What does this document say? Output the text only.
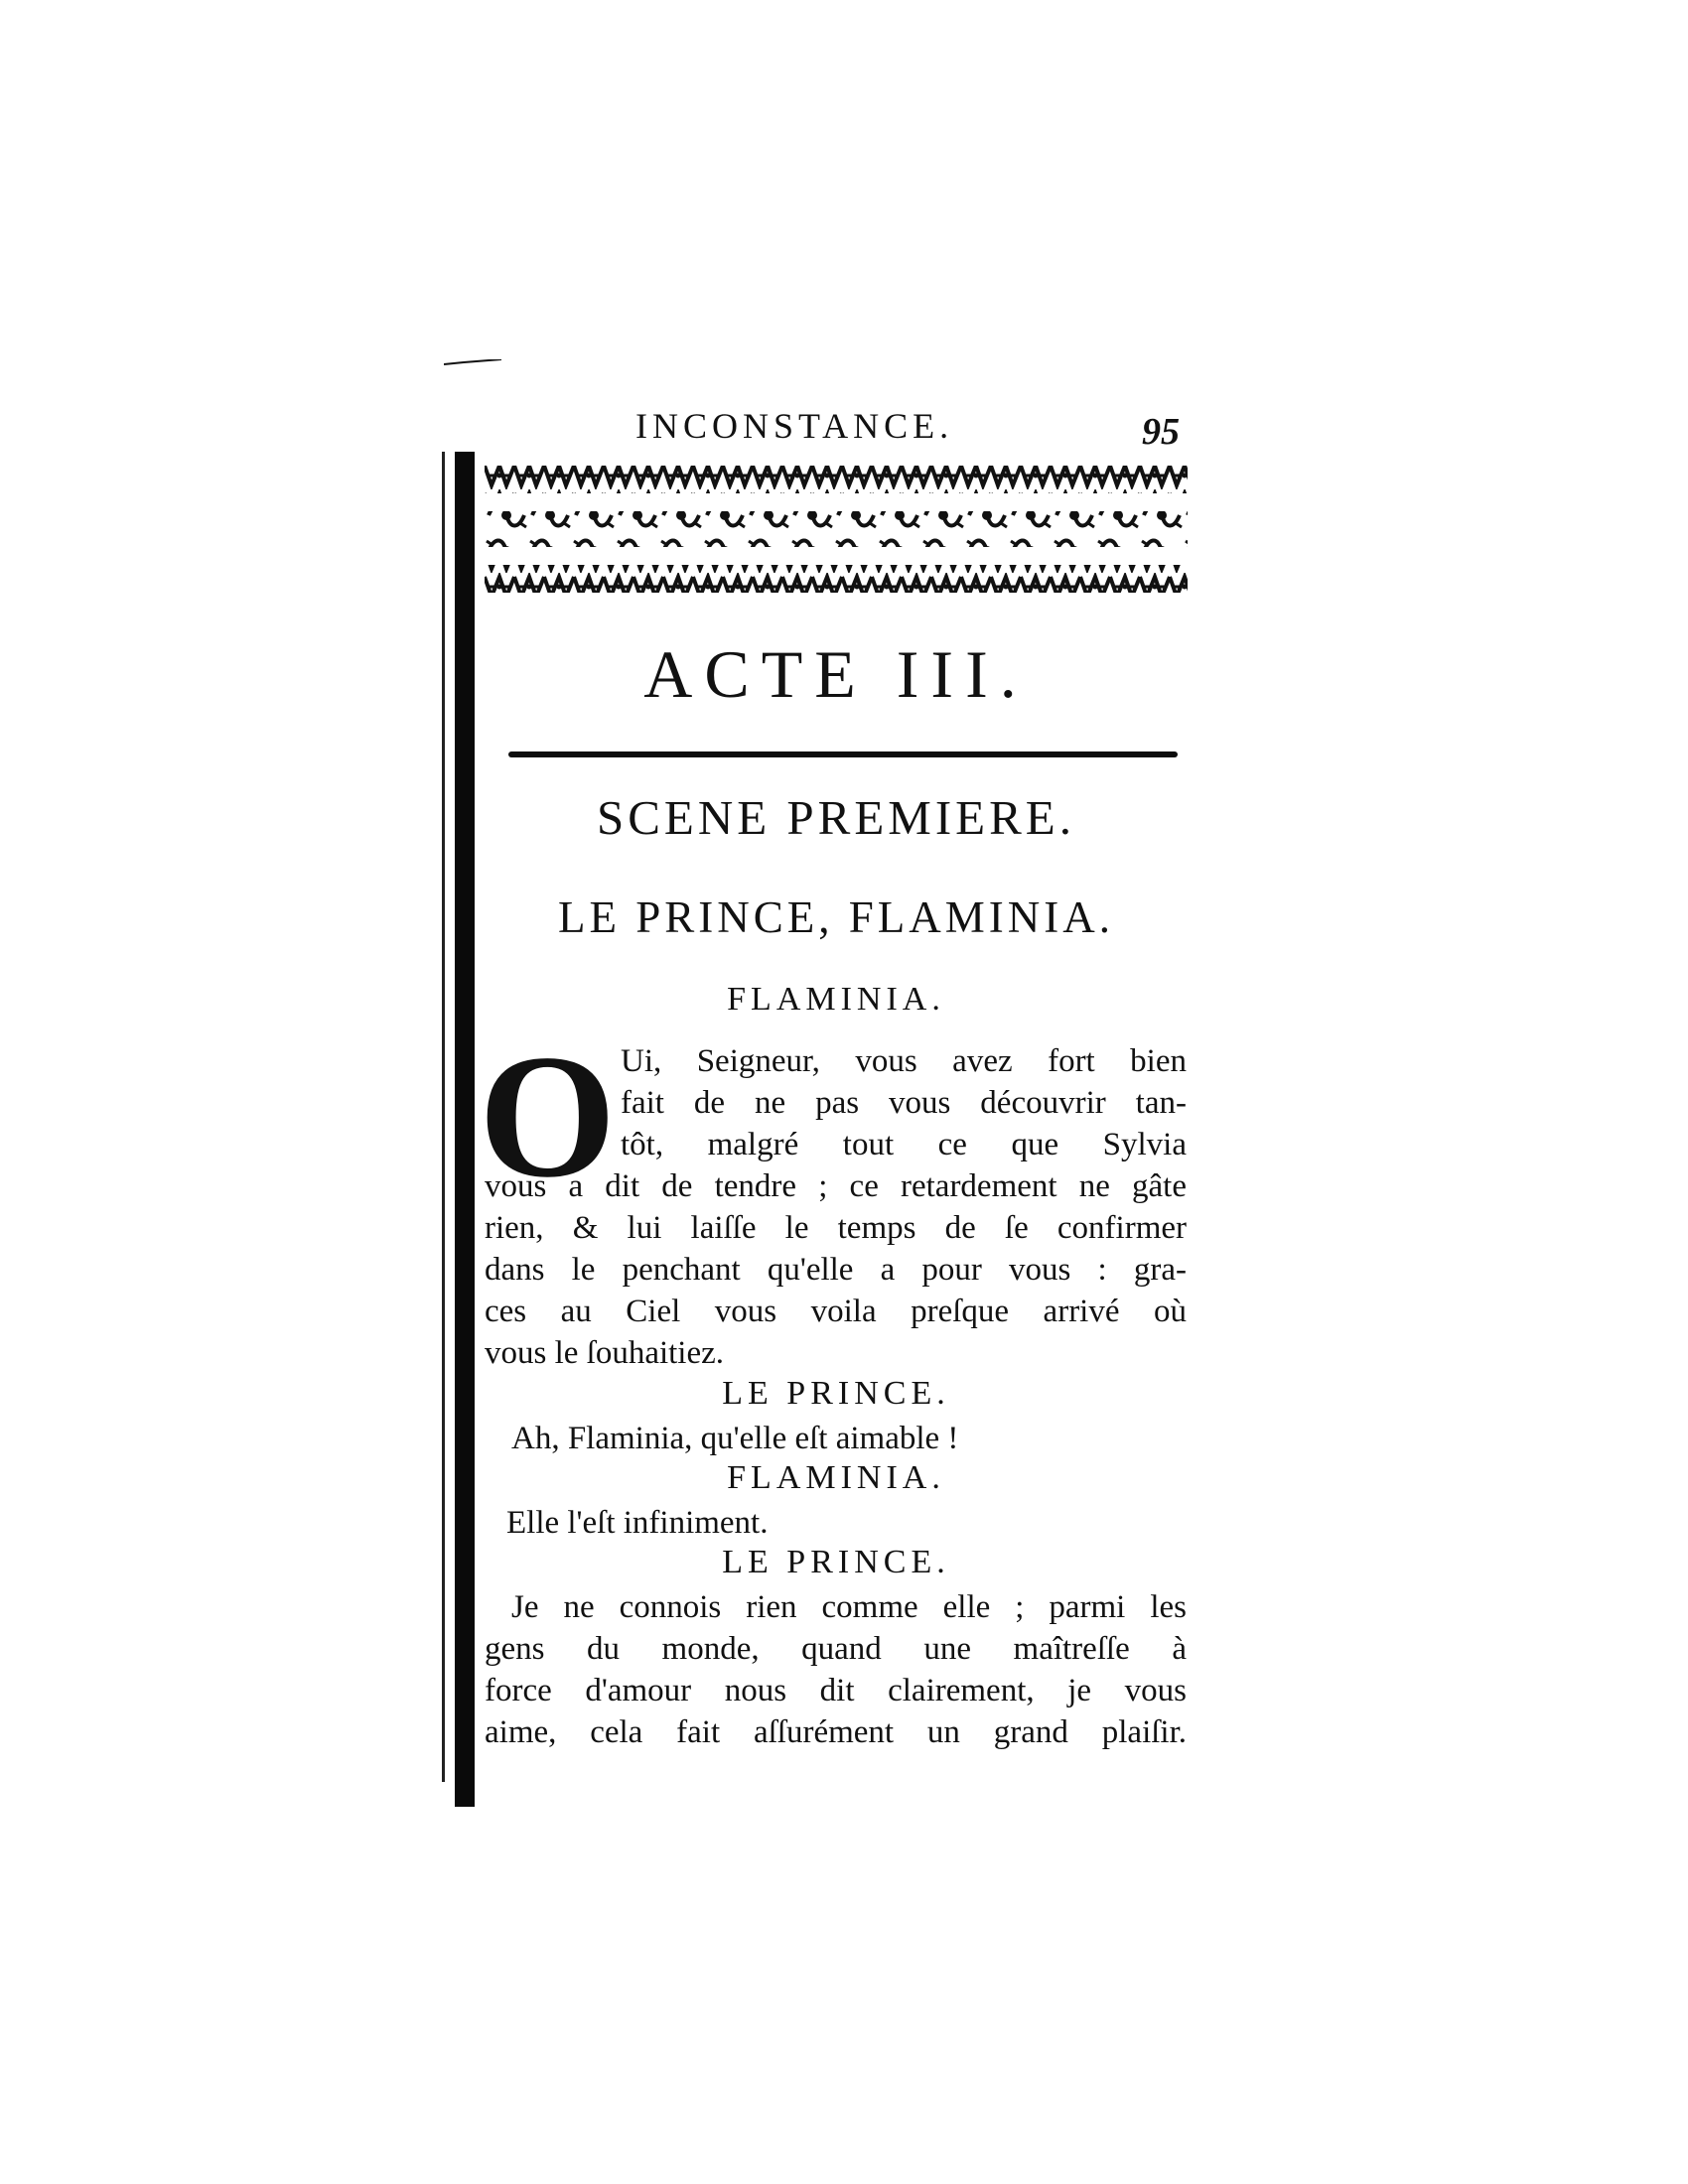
INCONSTANCE.	95
ACTE III.
SCENE PREMIERE.
LE PRINCE, FLAMINIA.
FLAMINIA.
O Ui, Seigneur, vous avez fort bien
fait de ne pas vous découvrir tan-
tôt, malgré tout ce que Sylvia
vous a dit de tendre ; ce retardement ne gâte
rien, & lui laiſſe le temps de ſe confirmer
dans le penchant qu'elle a pour vous : gra-
ces au Ciel vous voila preſque arrivé où
vous le ſouhaitiez.
LE PRINCE.
Ah, Flaminia, qu'elle eſt aimable !
FLAMINIA.
Elle l'eſt infiniment.
LE PRINCE.
Je ne connois rien comme elle ; parmi les
gens du monde, quand une maîtreſſe à
force d'amour nous dit clairement, je vous
aime, cela fait aſſurément un grand plaiſir.
